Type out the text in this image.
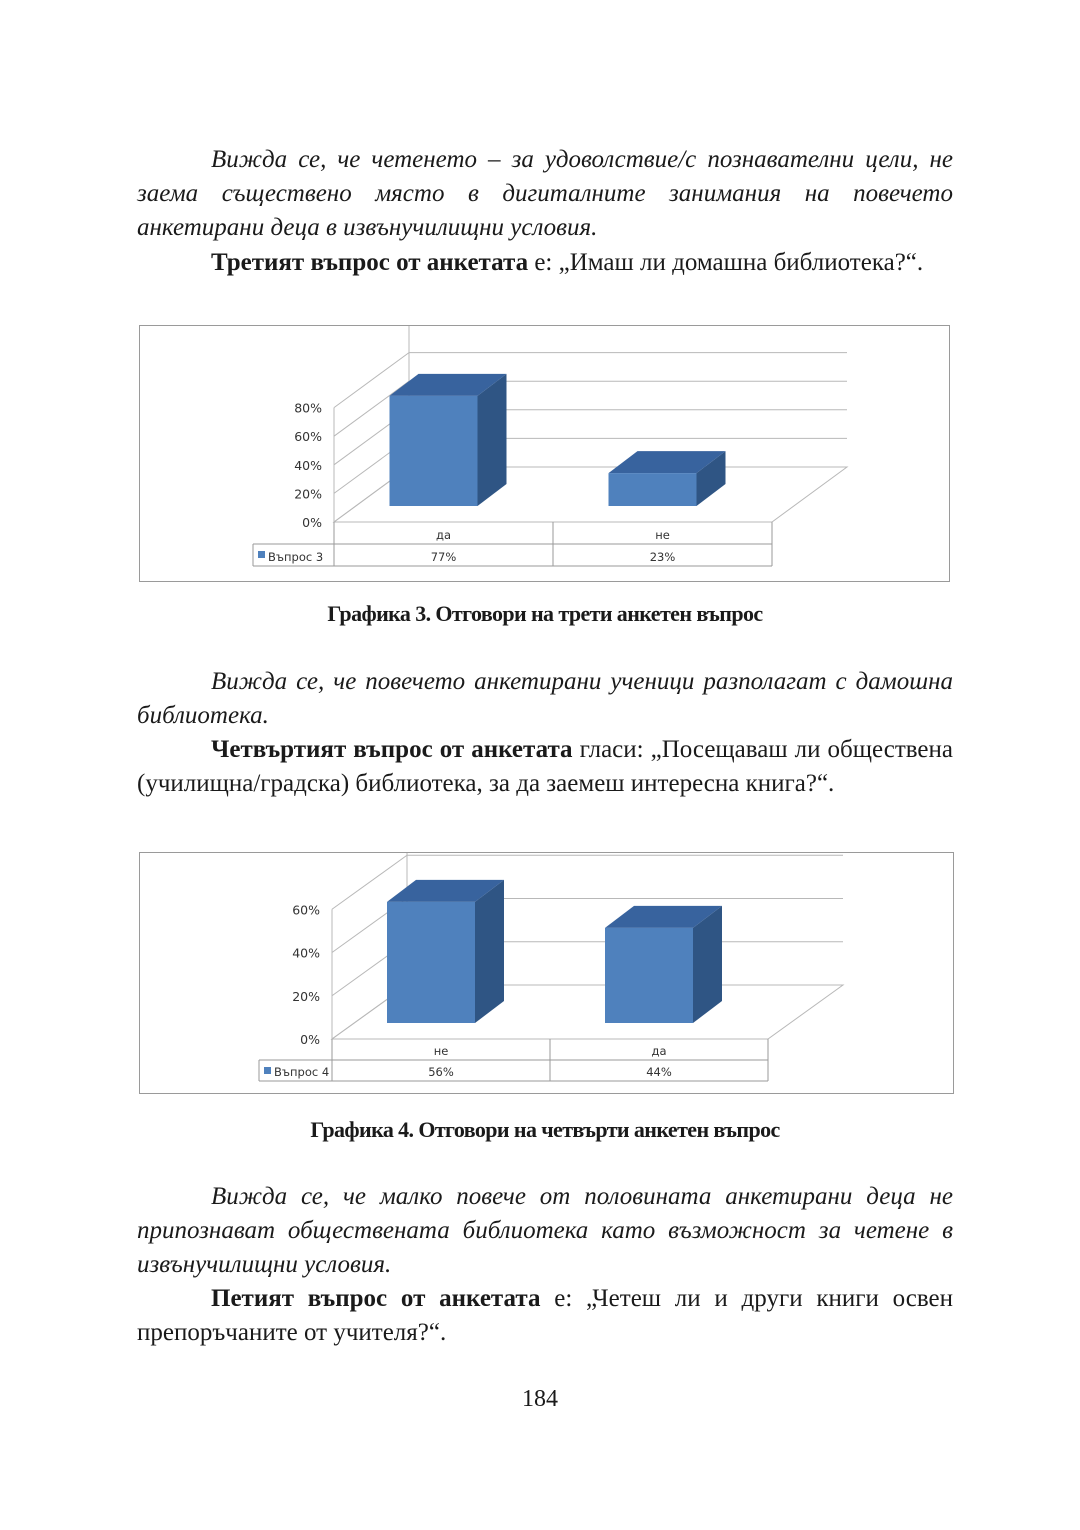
Вижда се, че четенето – за удоволствие/с познавателни цели, не заема съществено място в дигиталните занимания на повечето анкетирани деца в извънучилищни условия.

Третият въпрос от анкетата е: „Имаш ли домашна библиотека?“.

0%
20%
40%
60%
80%
да
77%
не
23%
Въпрос 3
Графика 3. Отговори на трети анкетен въпрос

Вижда се, че повечето анкетирани ученици разполагат с дамошна библиотека.

Четвъртият въпрос от анкетата гласи: „Посещаваш ли обществена (училищна/градска) библиотека, за да заемеш интересна книга?“.

0%
20%
40%
60%
не
56%
да
44%
Въпрос 4
Графика 4. Отговори на четвърти анкетен въпрос

Вижда се, че малко повече от половината анкетирани деца не припознават обществената библиотека като възможност за четене в извънучилищни условия.

Петият въпрос от анкетата е: „Четеш ли и други книги освен препоръчаните от учителя?“.

184
